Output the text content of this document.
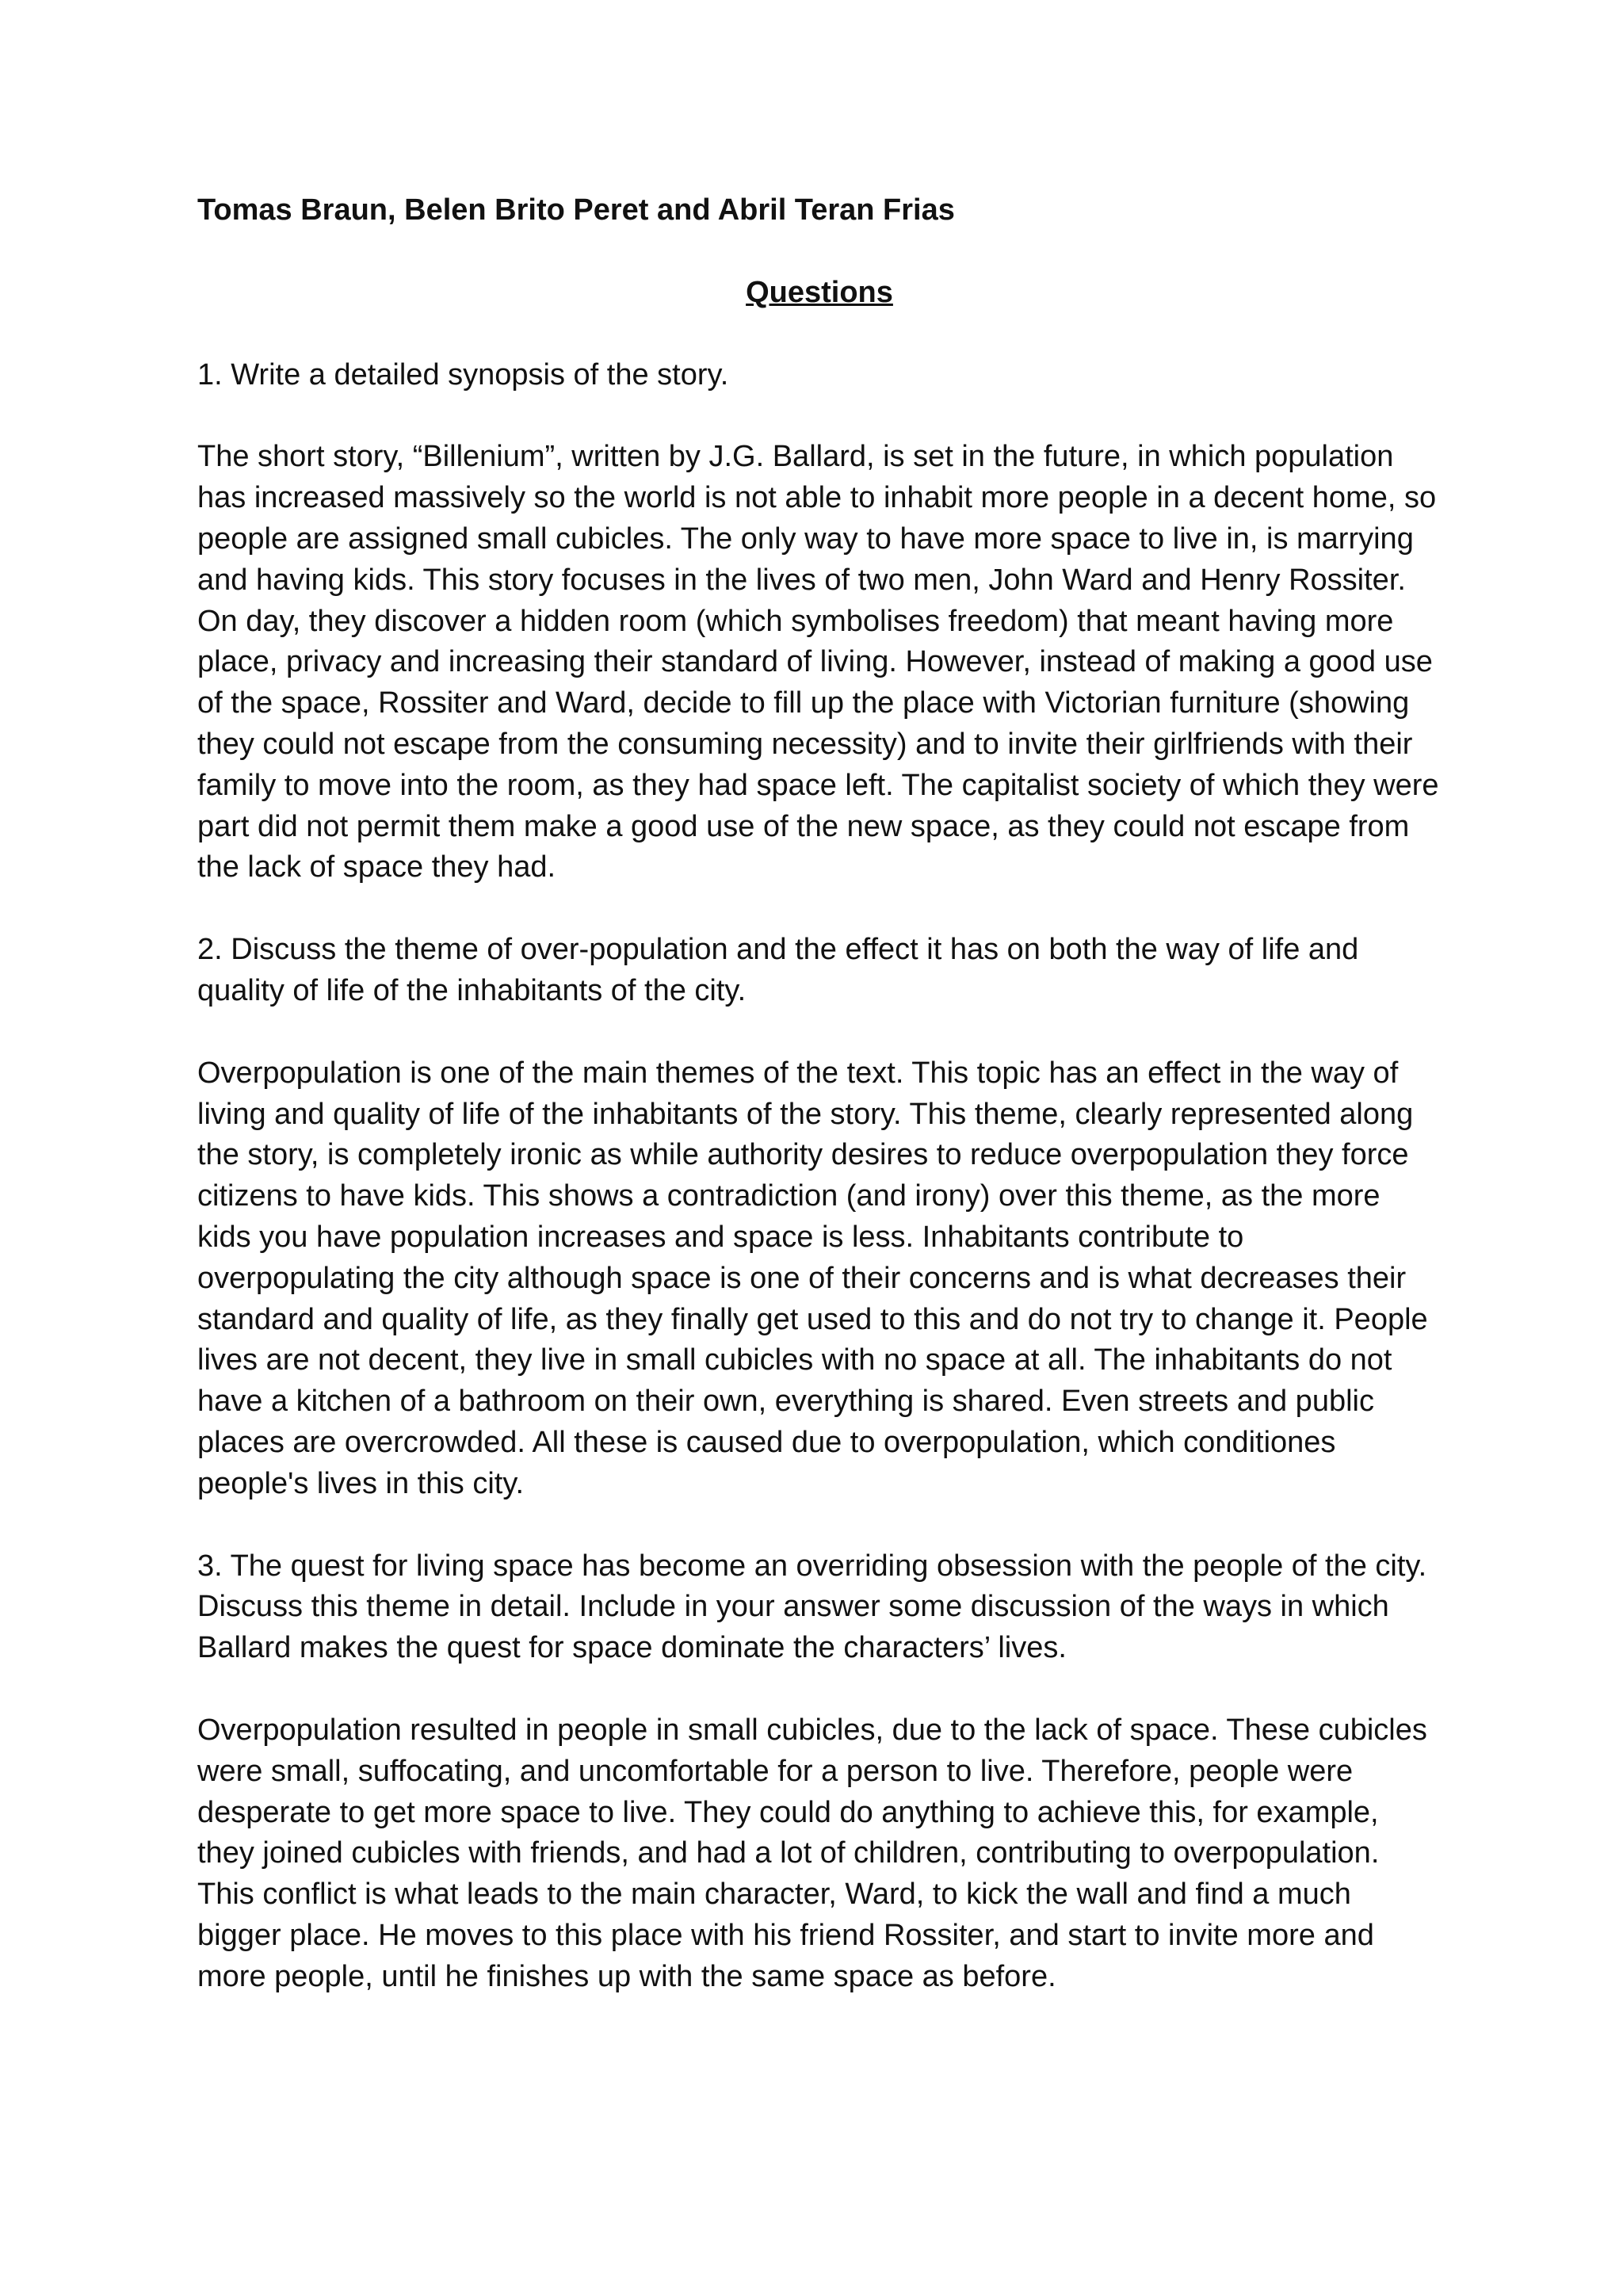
Tomas Braun, Belen Brito Peret and Abril Teran Frias

Questions

1. Write a detailed synopsis of the story.

The short story, “Billenium”, written by J.G. Ballard, is set in the future, in which population has increased massively so the world is not able to inhabit more people in a decent home, so people are assigned small cubicles. The only way to have more space to live in, is marrying and having kids. This story focuses in the lives of two men, John Ward and Henry Rossiter. On day, they discover a hidden room (which symbolises freedom) that meant having more place, privacy and increasing their standard of living. However, instead of making a good use of the space, Rossiter and Ward, decide to fill up the place with Victorian furniture (showing they could not escape from the consuming necessity) and to invite their girlfriends with their family to move into the room, as they had space left. The capitalist society of which they were part did not permit them make a good use of the new space, as they could not escape from the lack of space they had.

2. Discuss the theme of over-population and the effect it has on both the way of life and quality of life of the inhabitants of the city.

Overpopulation is one of the main themes of the text. This topic has an effect in the way of living and quality of life of the inhabitants of the story. This theme, clearly represented along the story, is completely ironic as while authority desires to reduce overpopulation they force citizens to have kids. This shows a contradiction (and irony) over this theme, as the more kids you have population increases and space is less. Inhabitants contribute to overpopulating the city although space is one of their concerns and is what decreases their standard and quality of life, as they finally get used to this and do not try to change it. People lives are not decent, they live in small cubicles with no space at all. The inhabitants do not have a kitchen of a bathroom on their own, everything is shared. Even streets and public places are overcrowded. All these is caused due to overpopulation, which conditiones people's lives in this city.

3. The quest for living space has become an overriding obsession with the people of the city. Discuss this theme in detail. Include in your answer some discussion of the ways in which Ballard makes the quest for space dominate the characters’ lives.

Overpopulation resulted in people in small cubicles, due to the lack of space. These cubicles were small, suffocating, and uncomfortable for a person to live. Therefore, people were desperate to get more space to live. They could do anything to achieve this, for example, they joined cubicles with friends, and had a lot of children, contributing to overpopulation. This conflict is what leads to the main character, Ward, to kick the wall and find a much bigger place. He moves to this place with his friend Rossiter, and start to invite more and more people, until he finishes up with the same space as before.
